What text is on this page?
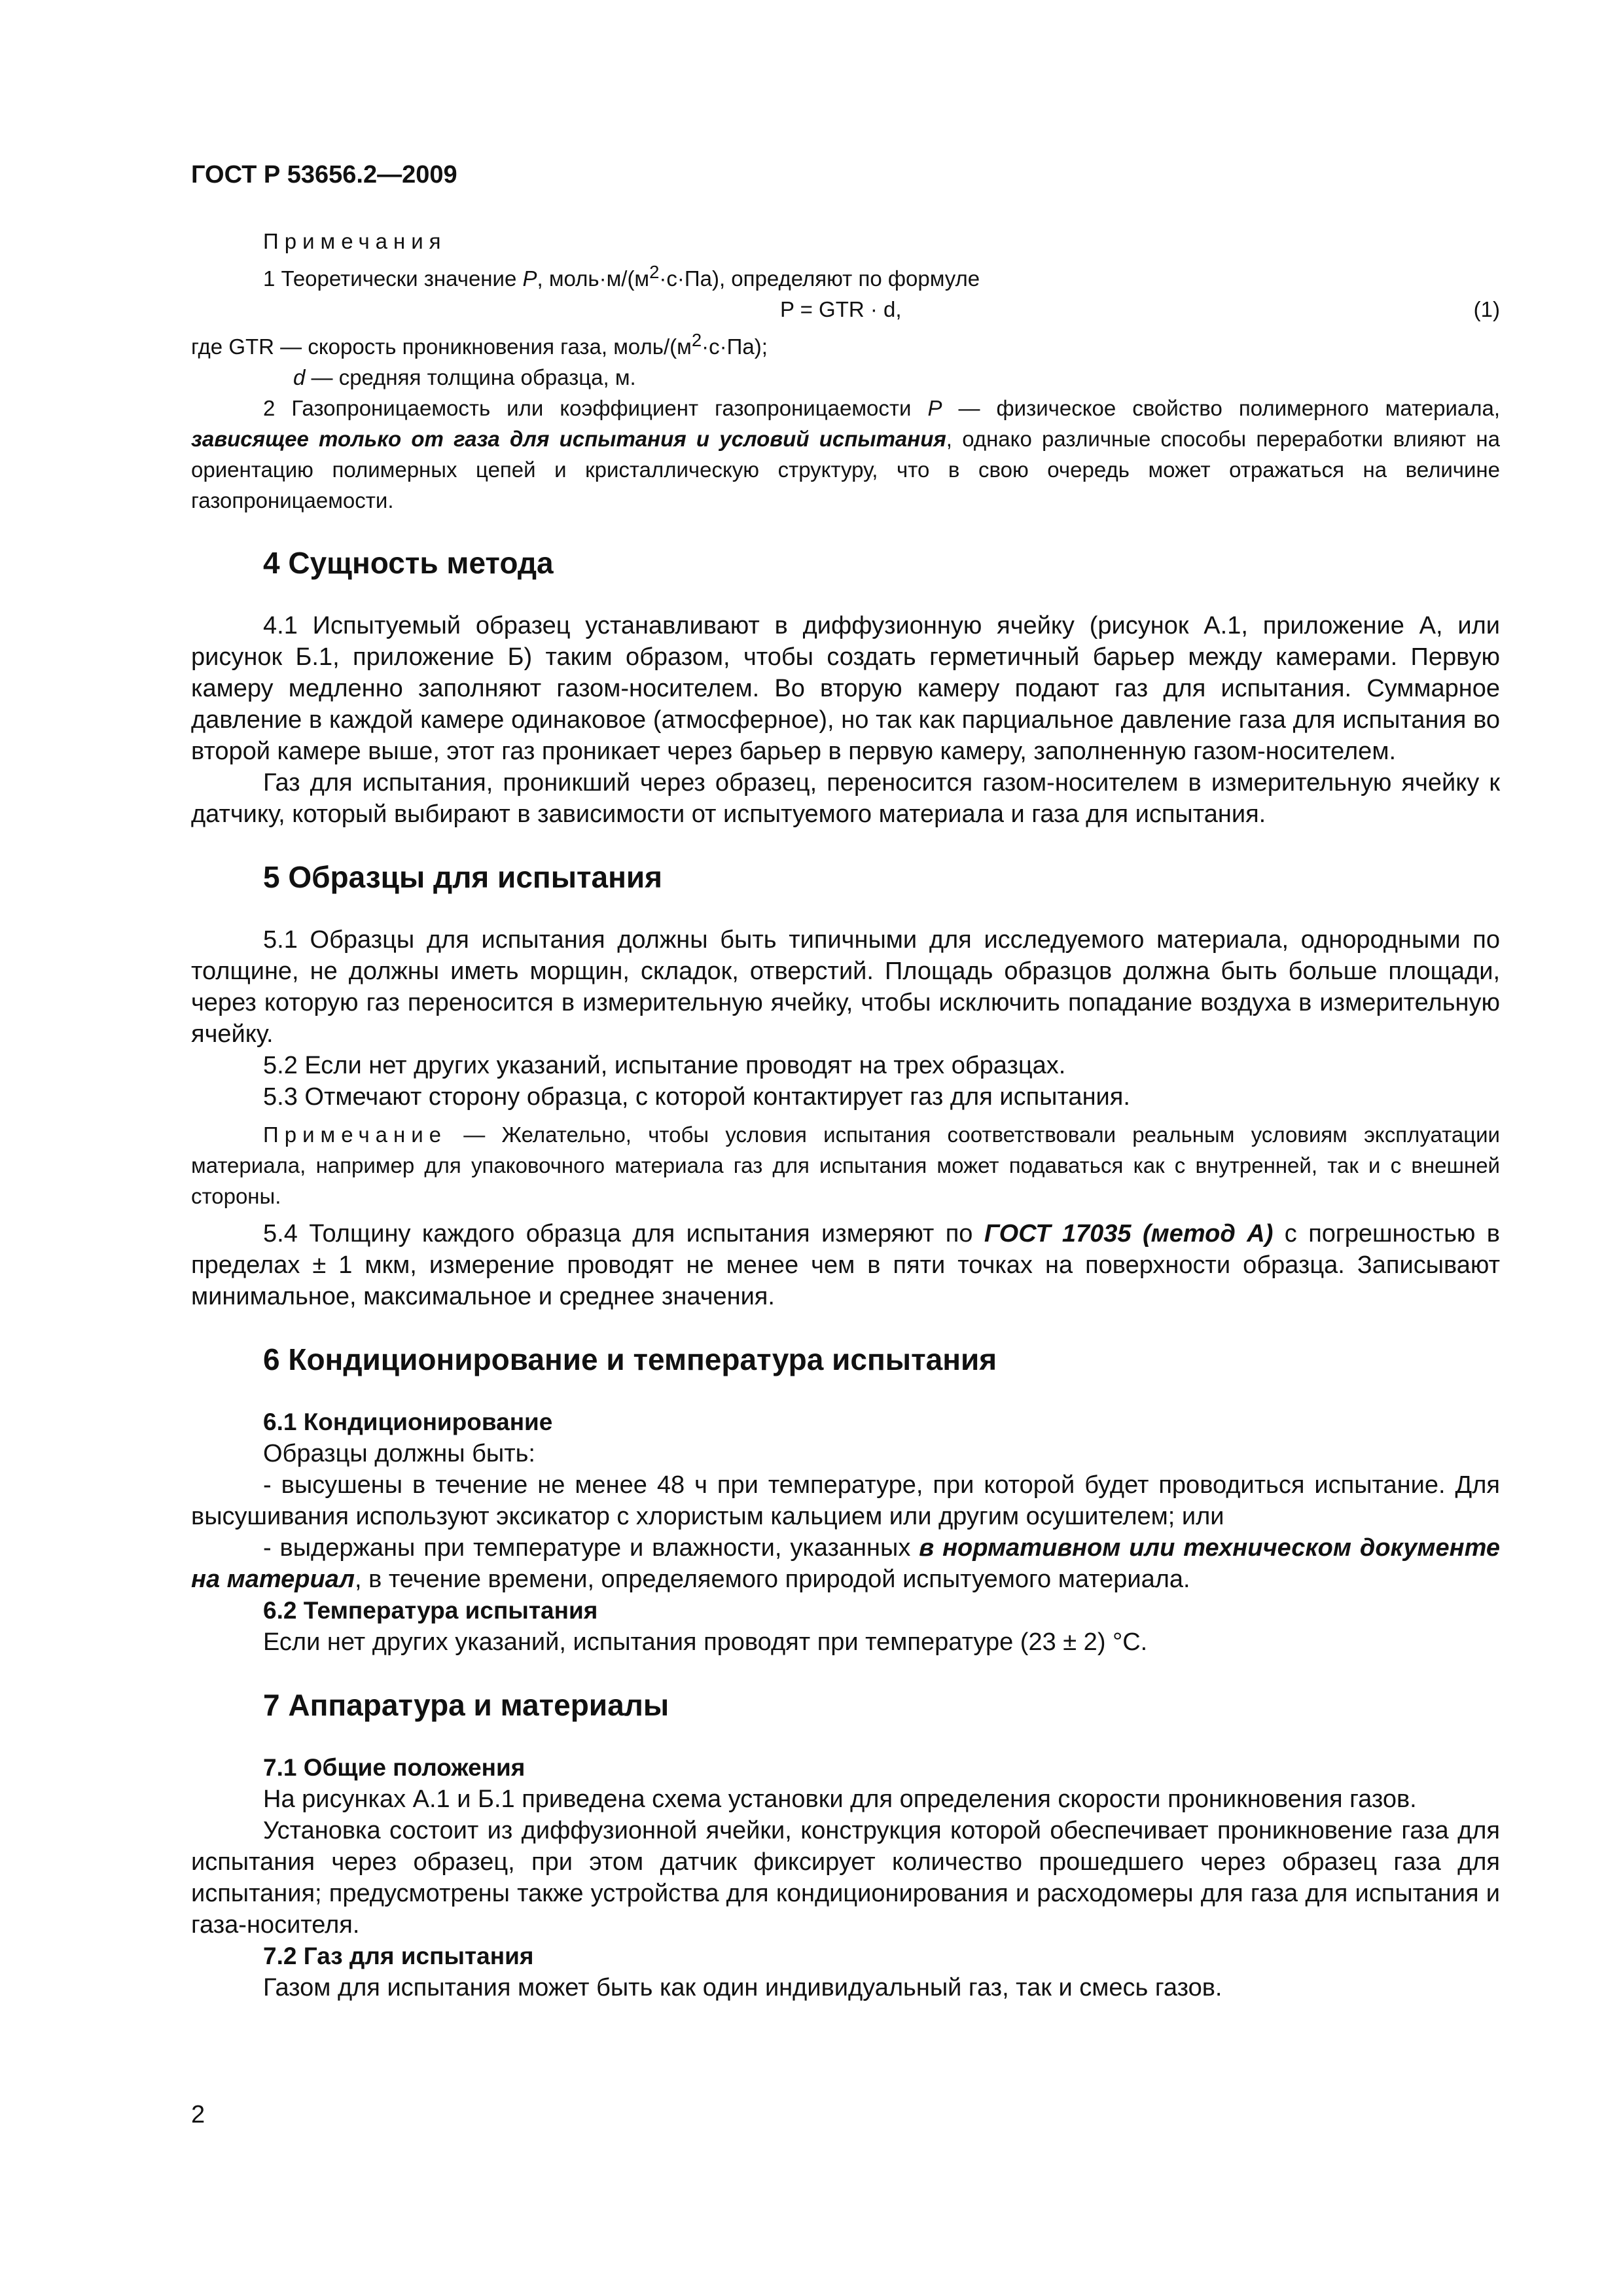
ГОСТ Р 53656.2—2009

Примечания

1 Теоретически значение P, $моль\cdot м/(м^2\cdot с\cdot Па)$, определяют по формуле

P = GTR · d,	(1)

где GTR — скорость проникновения газа, моль/$(м^2\cdot с\cdot Па)$;

d — средняя толщина образца, м.

2 Газопроницаемость или коэффициент газопроницаемости P — физическое свойство полимерного материала, зависящее только от газа для испытания и условий испытания, однако различные способы переработки влияют на ориентацию полимерных цепей и кристаллическую структуру, что в свою очередь может отражаться на величине газопроницаемости.

4 Сущность метода

4.1 Испытуемый образец устанавливают в диффузионную ячейку (рисунок А.1, приложение А, или рисунок Б.1, приложение Б) таким образом, чтобы создать герметичный барьер между камерами. Первую камеру медленно заполняют газом-носителем. Во вторую камеру подают газ для испытания. Суммарное давление в каждой камере одинаковое (атмосферное), но так как парциальное давление газа для испытания во второй камере выше, этот газ проникает через барьер в первую камеру, заполненную газом-носителем.

Газ для испытания, проникший через образец, переносится газом-носителем в измерительную ячейку к датчику, который выбирают в зависимости от испытуемого материала и газа для испытания.

5 Образцы для испытания

5.1 Образцы для испытания должны быть типичными для исследуемого материала, однородными по толщине, не должны иметь морщин, складок, отверстий. Площадь образцов должна быть больше площади, через которую газ переносится в измерительную ячейку, чтобы исключить попадание воздуха в измерительную ячейку.

5.2 Если нет других указаний, испытание проводят на трех образцах.

5.3 Отмечают сторону образца, с которой контактирует газ для испытания.

Примечание — Желательно, чтобы условия испытания соответствовали реальным условиям эксплуатации материала, например для упаковочного материала газ для испытания может подаваться как с внутренней, так и с внешней стороны.

5.4 Толщину каждого образца для испытания измеряют по ГОСТ 17035 (метод А) с погрешностью в пределах ± 1 мкм, измерение проводят не менее чем в пяти точках на поверхности образца. Записывают минимальное, максимальное и среднее значения.

6 Кондиционирование и температура испытания
6.1 Кондиционирование

Образцы должны быть:

- высушены в течение не менее 48 ч при температуре, при которой будет проводиться испытание. Для высушивания используют эксикатор с хлористым кальцием или другим осушителем; или

- выдержаны при температуре и влажности, указанных в нормативном или техническом документе на материал, в течение времени, определяемого природой испытуемого материала.

6.2 Температура испытания

Если нет других указаний, испытания проводят при температуре (23 ± 2) °С.

7 Аппаратура и материалы
7.1 Общие положения

На рисунках А.1 и Б.1 приведена схема установки для определения скорости проникновения газов.

Установка состоит из диффузионной ячейки, конструкция которой обеспечивает проникновение газа для испытания через образец, при этом датчик фиксирует количество прошедшего через образец газа для испытания; предусмотрены также устройства для кондиционирования и расходомеры для газа для испытания и газа-носителя.

7.2 Газ для испытания

Газом для испытания может быть как один индивидуальный газ, так и смесь газов.

2
